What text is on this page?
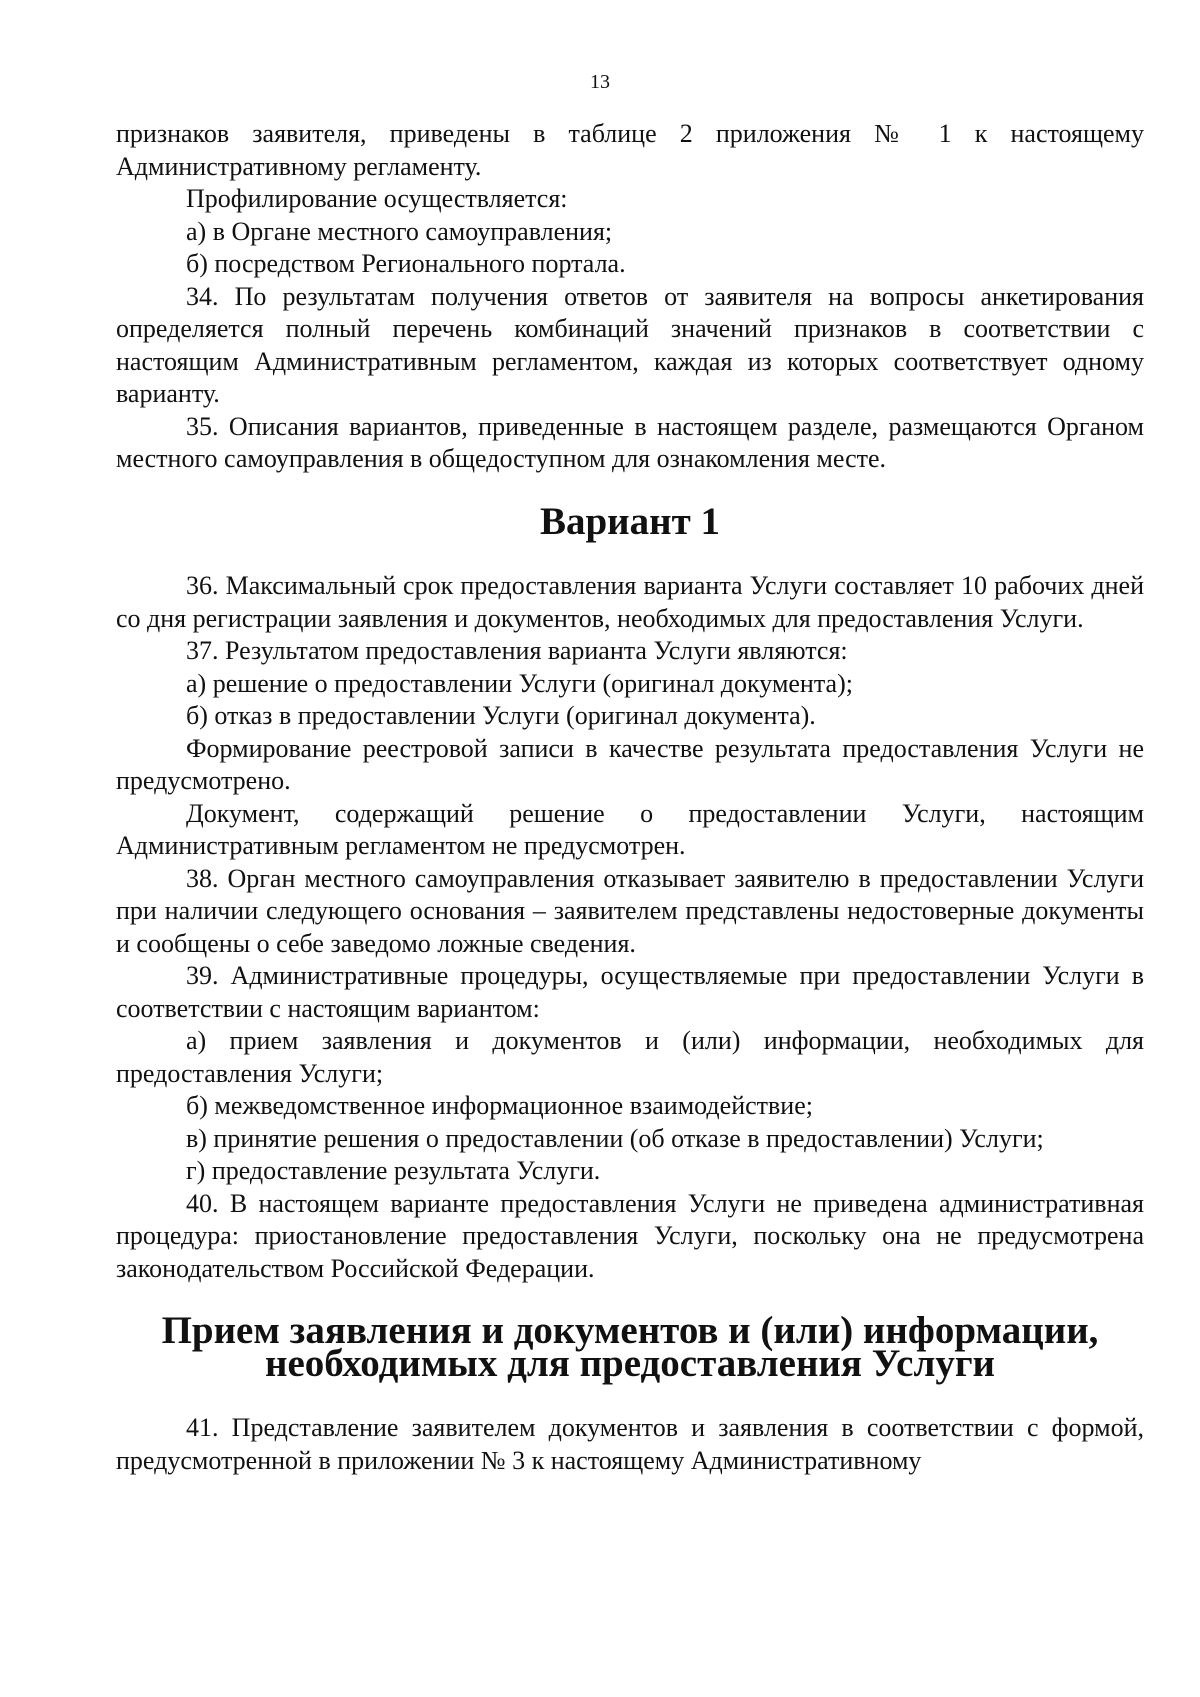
13

признаков заявителя, приведены в таблице 2 приложения № 1 к настоящему Административному регламенту.

Профилирование осуществляется:

а) в Органе местного самоуправления;

б) посредством Регионального портала.

34. По результатам получения ответов от заявителя на вопросы анкетирования определяется полный перечень комбинаций значений признаков в соответствии с настоящим Административным регламентом, каждая из которых соответствует одному варианту.

35. Описания вариантов, приведенные в настоящем разделе, размещаются Органом местного самоуправления в общедоступном для ознакомления месте.

Вариант 1

36. Максимальный срок предоставления варианта Услуги составляет 10 рабочих дней со дня регистрации заявления и документов, необходимых для предоставления Услуги.

37. Результатом предоставления варианта Услуги являются:

а) решение о предоставлении Услуги (оригинал документа);

б) отказ в предоставлении Услуги (оригинал документа).

Формирование реестровой записи в качестве результата предоставления Услуги не предусмотрено.

Документ, содержащий решение о предоставлении Услуги, настоящим Административным регламентом не предусмотрен.

38. Орган местного самоуправления отказывает заявителю в предоставлении Услуги при наличии следующего основания – заявителем представлены недостоверные документы и сообщены о себе заведомо ложные сведения.

39. Административные процедуры, осуществляемые при предоставлении Услуги в соответствии с настоящим вариантом:

а) прием заявления и документов и (или) информации, необходимых для предоставления Услуги;

б) межведомственное информационное взаимодействие;

в) принятие решения о предоставлении (об отказе в предоставлении) Услуги;

г) предоставление результата Услуги.

40. В настоящем варианте предоставления Услуги не приведена административная процедура: приостановление предоставления Услуги, поскольку она не предусмотрена законодательством Российской Федерации.

Прием заявления и документов и (или) информации, необходимых для предоставления Услуги

41. Представление заявителем документов и заявления в соответствии с формой, предусмотренной в приложении № 3 к настоящему Административному
